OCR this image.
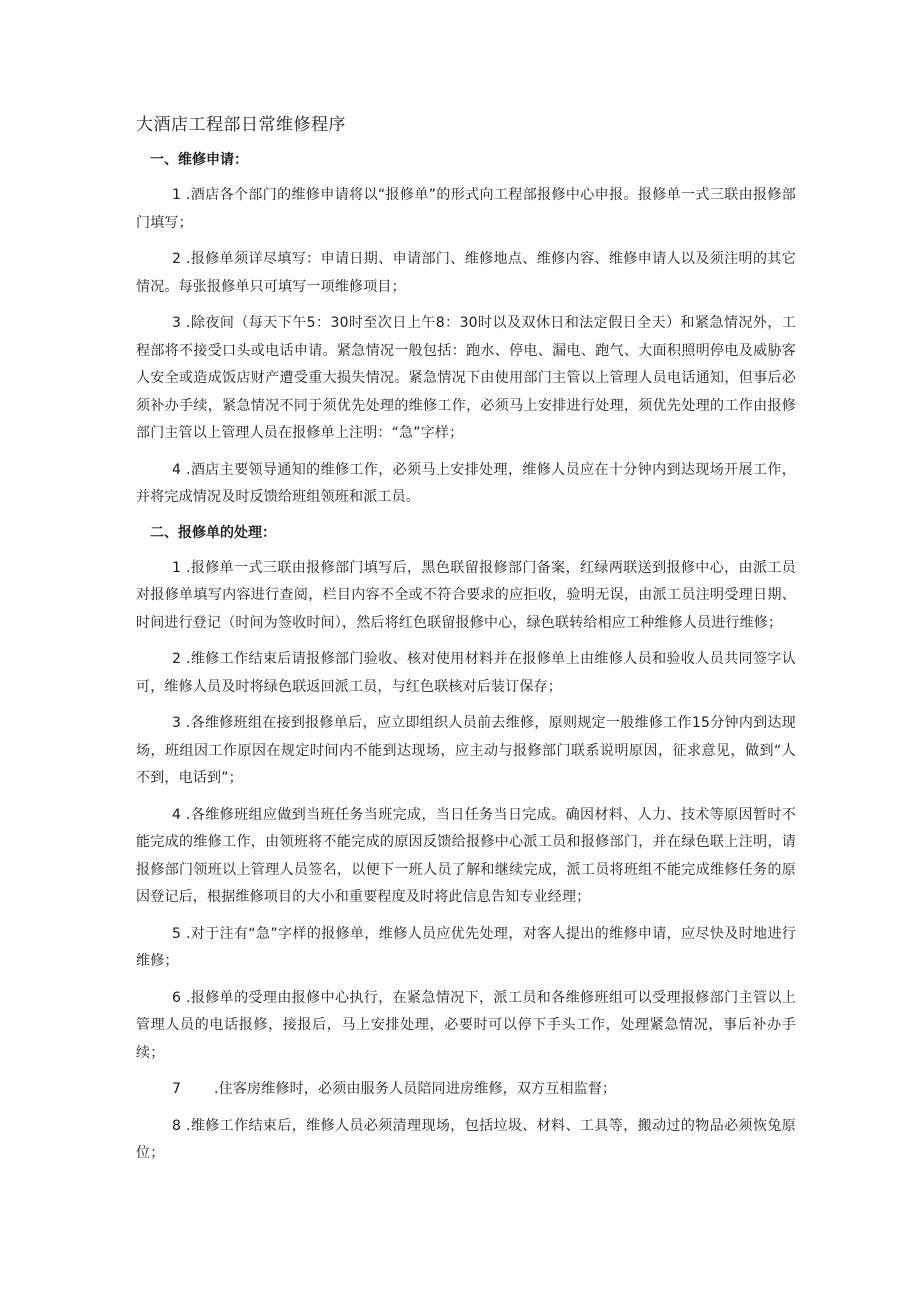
大酒店工程部日常维修程序
一、维修申请：

1 .酒店各个部门的维修申请将以“报修单”的形式向工程部报修中心申报。报修单一式三联由报修部门填写；

2 .报修单须详尽填写：申请日期、申请部门、维修地点、维修内容、维修申请人以及须注明的其它情况。每张报修单只可填写一项维修项目；

3 .除夜间（每天下午5：30时至次日上午8：30时以及双休日和法定假日全天）和紧急情况外，工程部将不接受口头或电话申请。紧急情况一般包括：跑水、停电、漏电、跑气、大面积照明停电及威胁客人安全或造成饭店财产遭受重大损失情况。紧急情况下由使用部门主管以上管理人员电话通知，但事后必须补办手续，紧急情况不同于须优先处理的维修工作，必须马上安排进行处理，须优先处理的工作由报修部门主管以上管理人员在报修单上注明：“急”字样；

4 .酒店主要领导通知的维修工作，必须马上安排处理，维修人员应在十分钟内到达现场开展工作，并将完成情况及时反馈给班组领班和派工员。

二、报修单的处理：

1 .报修单一式三联由报修部门填写后，黑色联留报修部门备案，红绿两联送到报修中心，由派工员对报修单填写内容进行查阅，栏目内容不全或不符合要求的应拒收，验明无误，由派工员注明受理日期、时间进行登记（时间为签收时间），然后将红色联留报修中心，绿色联转给相应工种维修人员进行维修；

2 .维修工作结束后请报修部门验收、核对使用材料并在报修单上由维修人员和验收人员共同签字认可，维修人员及时将绿色联返回派工员，与红色联核对后装订保存；

3 .各维修班组在接到报修单后，应立即组织人员前去维修，原则规定一般维修工作15分钟内到达现场，班组因工作原因在规定时间内不能到达现场，应主动与报修部门联系说明原因，征求意见，做到“人不到，电话到”；

4 .各维修班组应做到当班任务当班完成，当日任务当日完成。确因材料、人力、技术等原因暂时不能完成的维修工作，由领班将不能完成的原因反馈给报修中心派工员和报修部门，并在绿色联上注明，请报修部门领班以上管理人员签名，以便下一班人员了解和继续完成，派工员将班组不能完成维修任务的原因登记后，根据维修项目的大小和重要程度及时将此信息告知专业经理；

5 .对于注有“急”字样的报修单，维修人员应优先处理，对客人提出的维修申请，应尽快及时地进行维修；

6 .报修单的受理由报修中心执行，在紧急情况下，派工员和各维修班组可以受理报修部门主管以上管理人员的电话报修，接报后，马上安排处理，必要时可以停下手头工作，处理紧急情况，事后补办手续；

7 .住客房维修时，必须由服务人员陪同进房维修，双方互相监督；

8 .维修工作结束后，维修人员必须清理现场，包括垃圾、材料、工具等，搬动过的物品必须恢兔原位；
